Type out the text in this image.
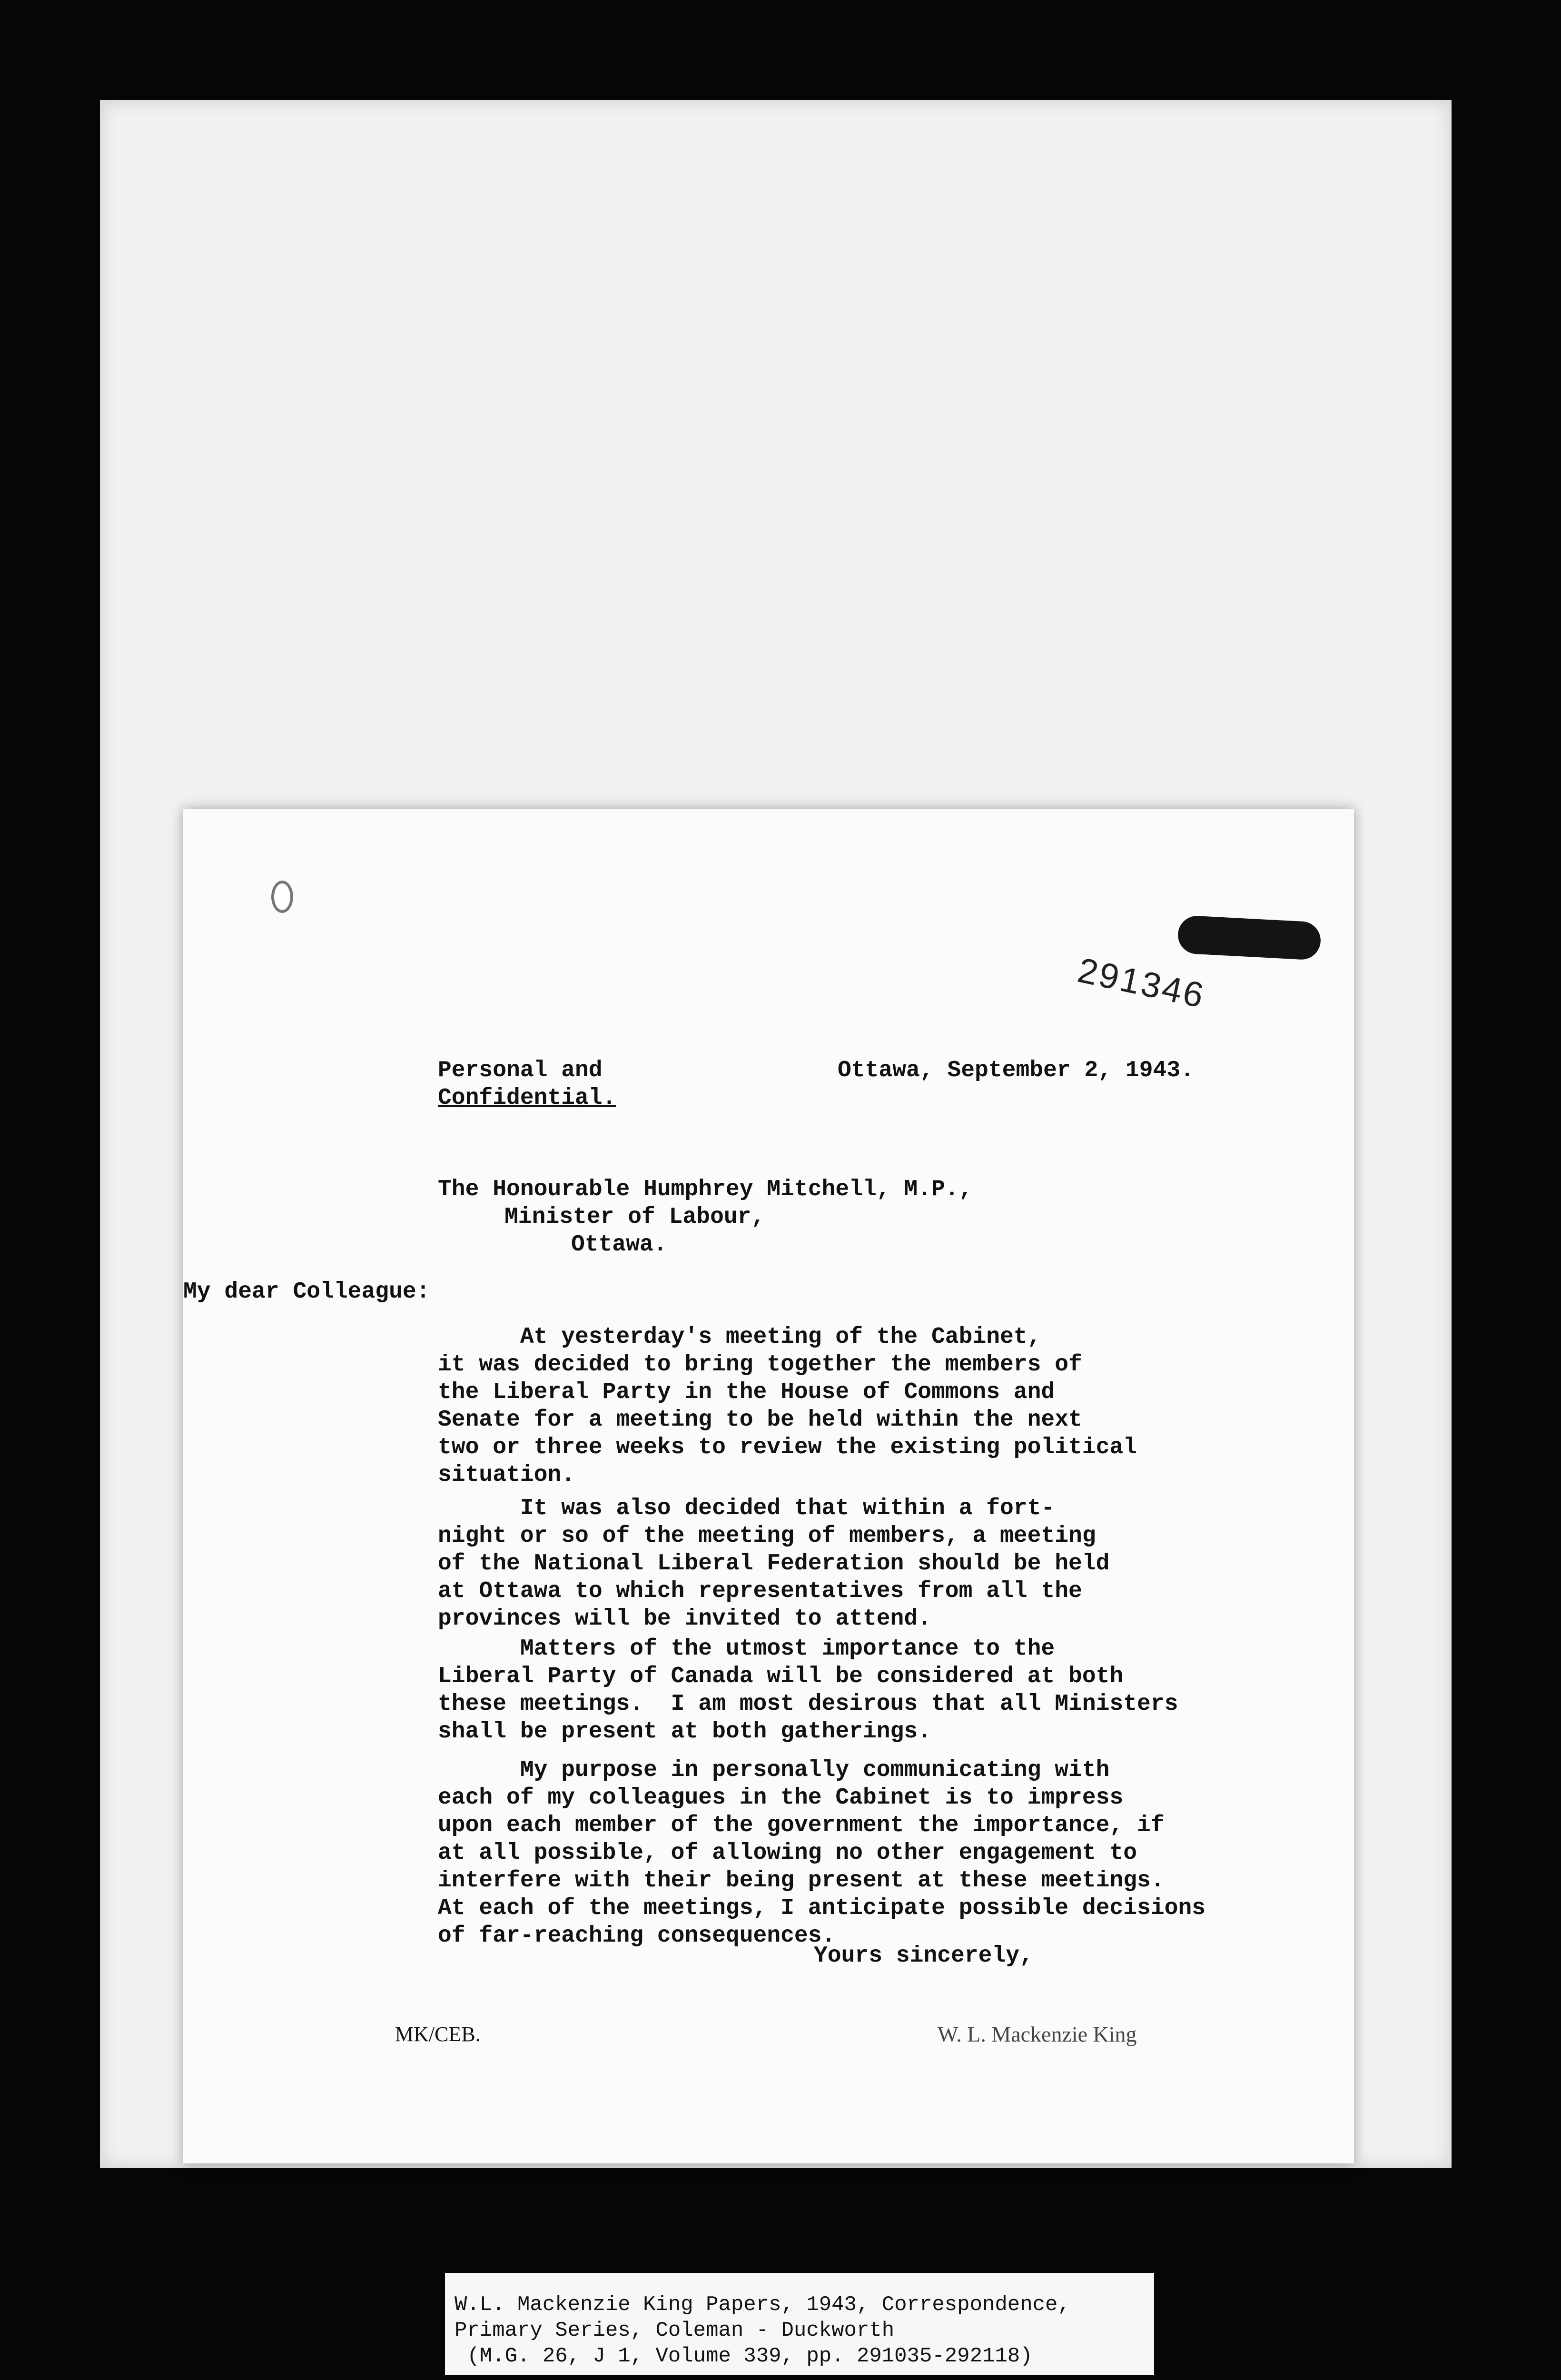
291346
Personal and
Confidential.
Ottawa, September 2, 1943.
The Honourable Humphrey Mitchell, M.P.,
Minister of Labour,
Ottawa.
My dear Colleague:
At yesterday's meeting of the Cabinet,
it was decided to bring together the members of
the Liberal Party in the House of Commons and
Senate for a meeting to be held within the next
two or three weeks to review the existing political
situation.
It was also decided that within a fort-
night or so of the meeting of members, a meeting
of the National Liberal Federation should be held
at Ottawa to which representatives from all the
provinces will be invited to attend.
Matters of the utmost importance to the
Liberal Party of Canada will be considered at both
these meetings.  I am most desirous that all Ministers
shall be present at both gatherings.
My purpose in personally communicating with
each of my colleagues in the Cabinet is to impress
upon each member of the government the importance, if
at all possible, of allowing no other engagement to
interfere with their being present at these meetings.
At each of the meetings, I anticipate possible decisions
of far-reaching consequences.
Yours sincerely,
MK/CEB.	W. L. Mackenzie King
W.L. Mackenzie King Papers, 1943, Correspondence,
Primary Series, Coleman - Duckworth
(M.G. 26, J 1, Volume 339, pp. 291035-292118)
